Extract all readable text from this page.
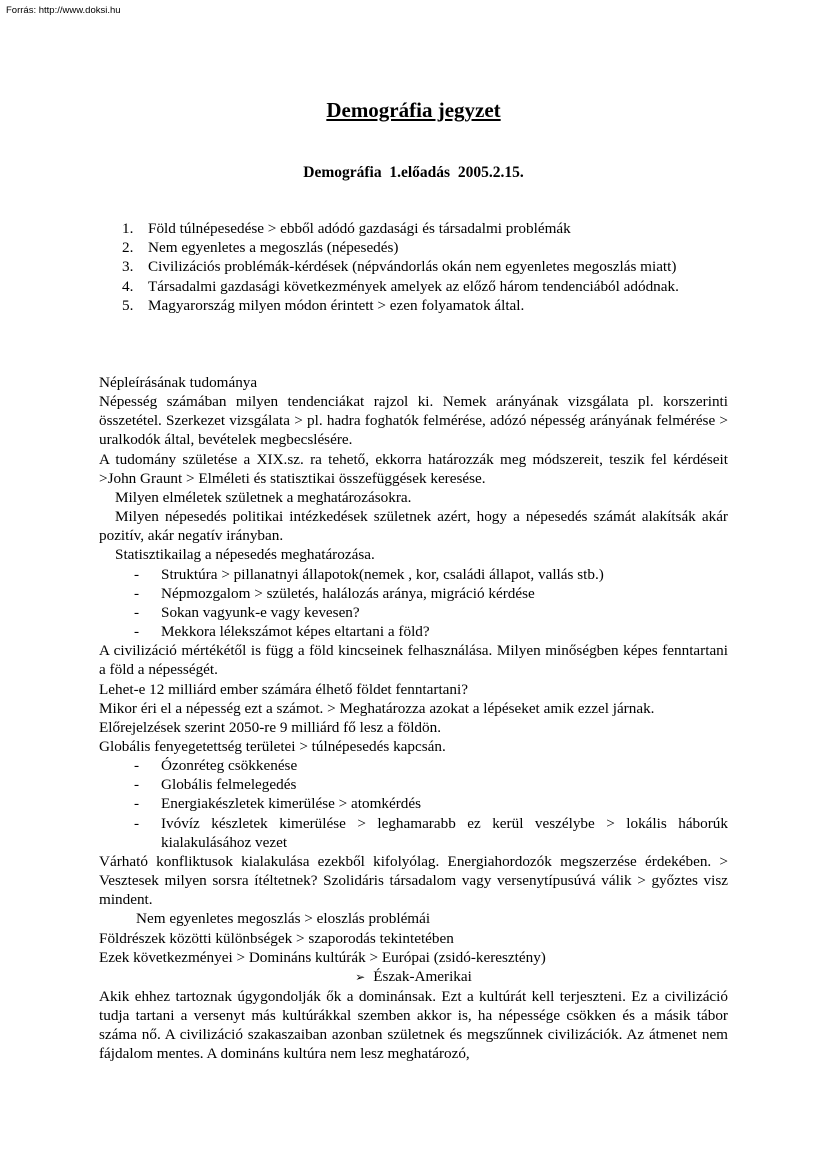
Forrás: http://www.doksi.hu
Demográfia jegyzet
Demográfia  1.előadás  2005.2.15.
1. Föld túlnépesedése > ebből adódó gazdasági és társadalmi problémák
2. Nem egyenletes a megoszlás (népesedés)
3. Civilizációs problémák-kérdések (népvándorlás okán nem egyenletes megoszlás miatt)
4. Társadalmi gazdasági következmények amelyek az előző három tendenciából adódnak.
5. Magyarország milyen módon érintett > ezen folyamatok által.
Népleírásának tudománya
Népesség számában milyen tendenciákat rajzol ki. Nemek arányának vizsgálata pl. korszerinti összetétel. Szerkezet vizsgálata > pl. hadra foghatók felmérése, adózó népesség arányának felmérése > uralkodók által, bevételek megbecslésére.
A tudomány születése a XIX.sz. ra tehető, ekkorra határozzák meg módszereit, teszik fel kérdéseit >John Graunt > Elméleti és statisztikai összefüggések keresése.
Milyen elméletek születnek a meghatározásokra.
Milyen népesedés politikai intézkedések születnek azért, hogy a népesedés számát alakítsák akár pozitív, akár negatív irányban.
Statisztikailag a népesedés meghatározása.
- Struktúra > pillanatnyi állapotok(nemek , kor, családi állapot, vallás stb.)
- Népmozgalom > születés, halálozás aránya, migráció kérdése
- Sokan vagyunk-e vagy kevesen?
- Mekkora lélekszámot képes eltartani a föld?
A civilizáció mértékétől is függ a föld kincseinek felhasználása. Milyen minőségben képes fenntartani a föld a népességét.
Lehet-e 12 milliárd ember számára élhető földet fenntartani?
Mikor éri el a népesség ezt a számot. > Meghatározza azokat a lépéseket amik ezzel járnak.
Előrejelzések szerint 2050-re 9 milliárd fő lesz a földön.
Globális fenyegetettség területei > túlnépesedés kapcsán.
- Ózonréteg csökkenése
- Globális felmelegedés
- Energiakészletek kimerülése > atomkérdés
- Ivóvíz készletek kimerülése > leghamarabb ez kerül veszélybe > lokális háborúk kialakulásához vezet
Várható konfliktusok kialakulása ezekből kifolyólag. Energiahordozók megszerzése érdekében. > Vesztesek milyen sorsra ítéltetnek? Szolidáris társadalom vagy versenytípusúvá válik > győztes visz mindent.
Nem egyenletes megoszlás > eloszlás problémái
Földrészek közötti különbségek > szaporodás tekintetében
Ezek következményei > Domináns kultúrák > Európai (zsidó-keresztény)
➢ Észak-Amerikai
Akik ehhez tartoznak úgygondolják ők a dominánsak. Ezt a kultúrát kell terjeszteni. Ez a civilizáció tudja tartani a versenyt más kultúrákkal szemben akkor is, ha népessége csökken és a másik tábor száma nő. A civilizáció szakaszaiban azonban születnek és megszűnnek civilizációk. Az átmenet nem fájdalom mentes. A domináns kultúra nem lesz meghatározó,
